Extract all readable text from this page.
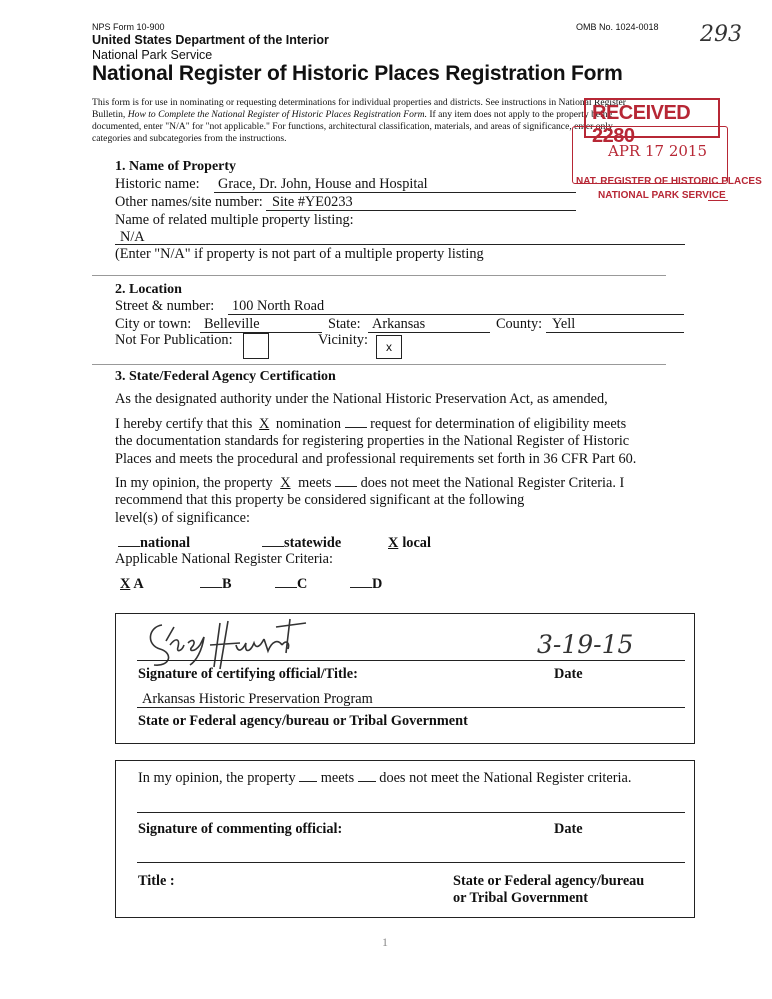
NPS Form 10-900	OMB No. 1024-0018 293
United States Department of the Interior
National Park Service
National Register of Historic Places Registration Form
This form is for use in nominating or requesting determinations for individual properties and districts. See instructions in National Register
Bulletin, How to Complete the National Register of Historic Places Registration Form. If any item does not apply to the property being
documented, enter "N/A" for "not applicable." For functions, architectural classification, materials, and areas of significance, enter only
categories and subcategories from the instructions.
RECEIVED 2280
APR 17 2015
NAT. REGISTER OF HISTORIC PLACES
NATIONAL PARK SERVICE
1. Name of Property
Historic name: Grace, Dr. John, House and Hospital
Other names/site number: Site #YE0233
Name of related multiple property listing:
N/A
(Enter "N/A" if property is not part of a multiple property listing
2. Location
Street & number: 100 North Road
City or town: Belleville	State: Arkansas	County: Yell
Not For Publication:	Vicinity:	x
3. State/Federal Agency Certification
As the designated authority under the National Historic Preservation Act, as amended,
I hereby certify that this X nomination  request for determination of eligibility meets
the documentation standards for registering properties in the National Register of Historic
Places and meets the procedural and professional requirements set forth in 36 CFR Part 60.
In my opinion, the property X meets  does not meet the National Register Criteria. I
recommend that this property be considered significant at the following
level(s) of significance:
national	statewide	X local
Applicable National Register Criteria:
X A	B	C	D
3-19-15
Signature of certifying official/Title:	Date
Arkansas Historic Preservation Program
State or Federal agency/bureau or Tribal Government
In my opinion, the property  meets  does not meet the National Register criteria.
Signature of commenting official:	Date
Title :	State or Federal agency/bureau
or Tribal Government
1
